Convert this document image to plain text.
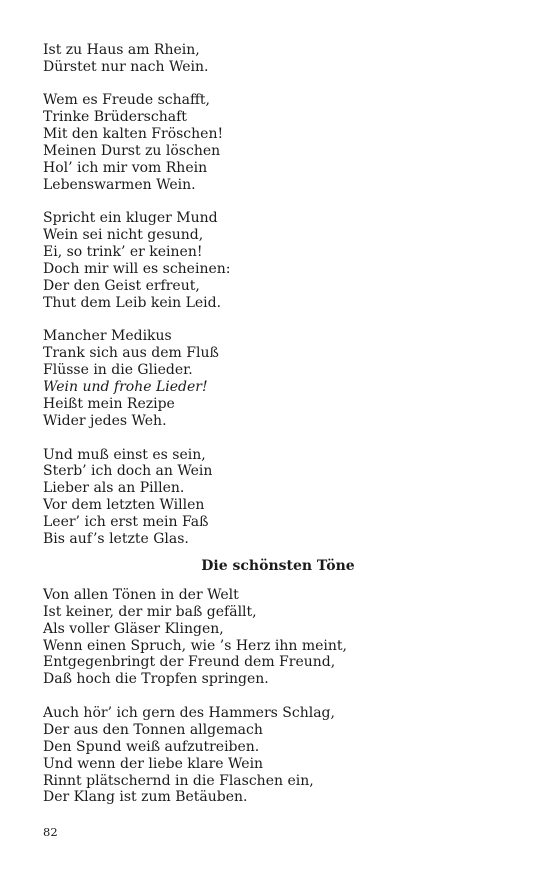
Ist zu Haus am Rhein,
Dürstet nur nach Wein.
Wem es Freude schafft,
Trinke Brüderschaft
Mit den kalten Fröschen!
Meinen Durst zu löschen
Hol’ ich mir vom Rhein
Lebenswarmen Wein.
Spricht ein kluger Mund
Wein sei nicht gesund,
Ei, so trink’ er keinen!
Doch mir will es scheinen:
Der den Geist erfreut,
Thut dem Leib kein Leid.
Mancher Medikus
Trank sich aus dem Fluß
Flüsse in die Glieder.
Wein und frohe Lieder!
Heißt mein Rezipe
Wider jedes Weh.
Und muß einst es sein,
Sterb’ ich doch an Wein
Lieber als an Pillen.
Vor dem letzten Willen
Leer’ ich erst mein Faß
Bis auf’s letzte Glas.
Die schönsten Töne
Von allen Tönen in der Welt
Ist keiner, der mir baß gefällt,
Als voller Gläser Klingen,
Wenn einen Spruch, wie ’s Herz ihn meint,
Entgegenbringt der Freund dem Freund,
Daß hoch die Tropfen springen.
Auch hör’ ich gern des Hammers Schlag,
Der aus den Tonnen allgemach
Den Spund weiß aufzutreiben.
Und wenn der liebe klare Wein
Rinnt plätschernd in die Flaschen ein,
Der Klang ist zum Betäuben.
82
